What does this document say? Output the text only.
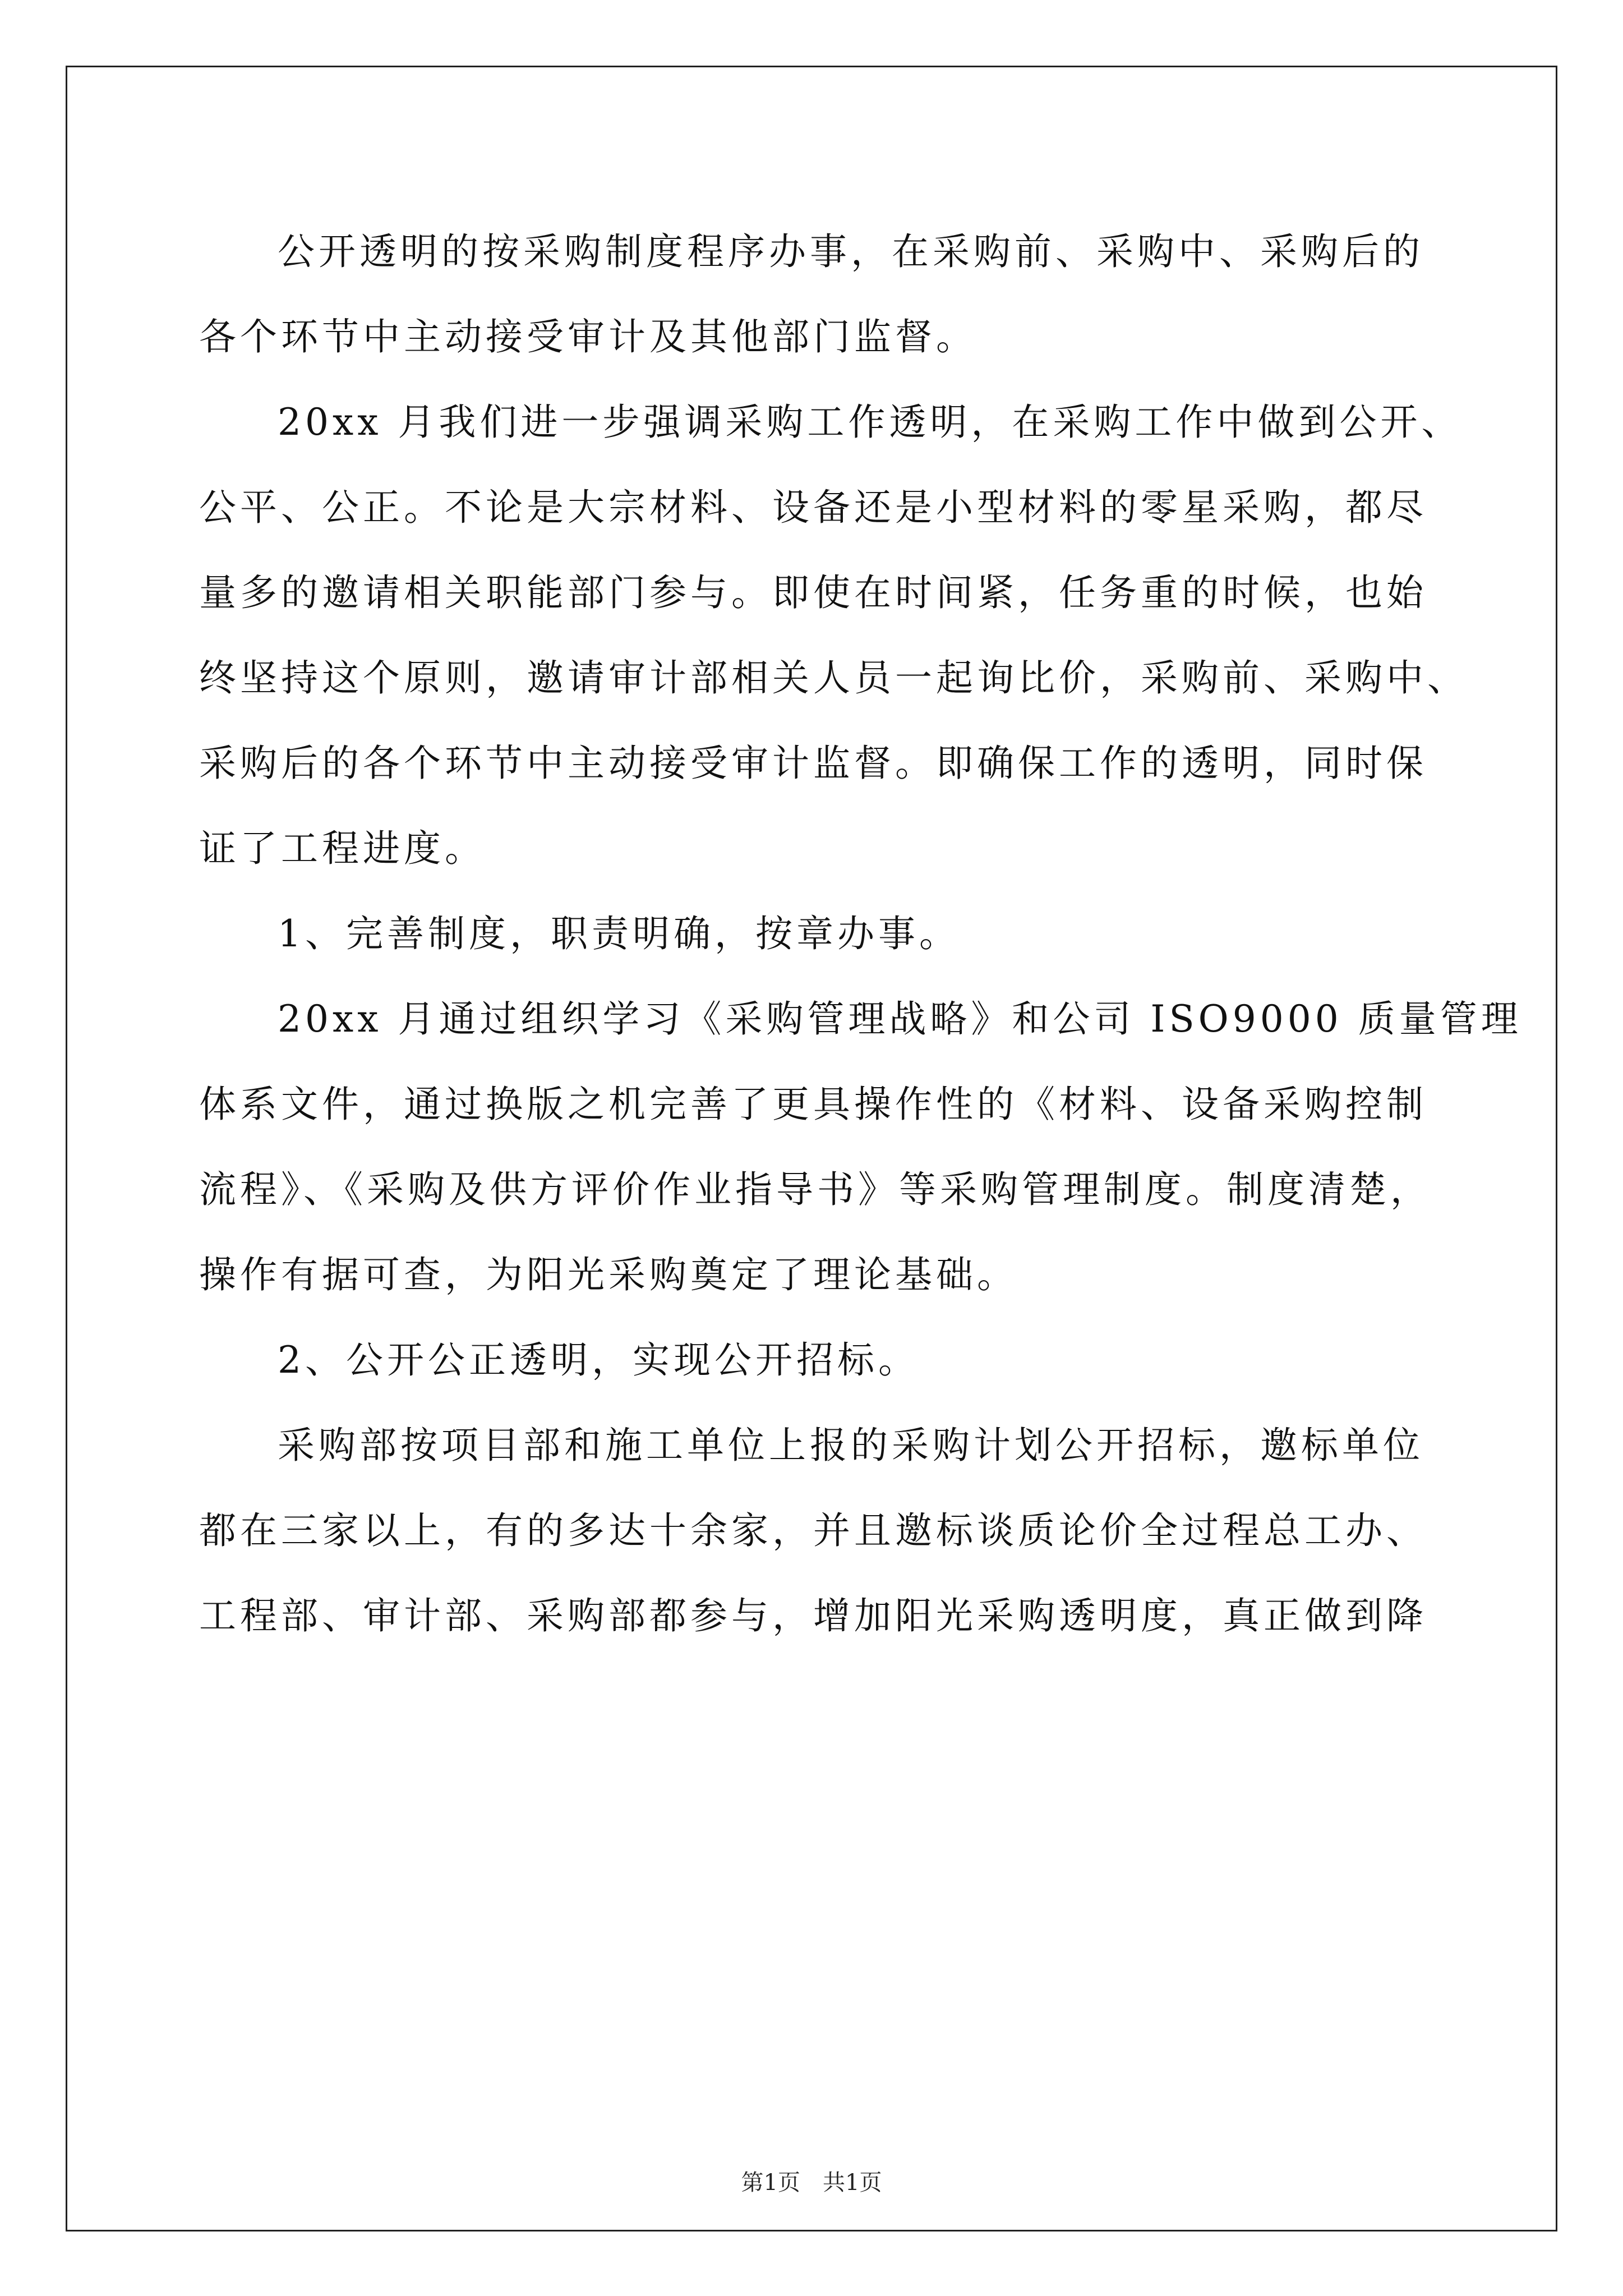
公开透明的按采购制度程序办事，在采购前、采购中、采购后的
各个环节中主动接受审计及其他部门监督。
20xx 月我们进一步强调采购工作透明，在采购工作中做到公开、
公平、公正。不论是大宗材料、设备还是小型材料的零星采购，都尽
量多的邀请相关职能部门参与。即使在时间紧，任务重的时候，也始
终坚持这个原则，邀请审计部相关人员一起询比价，采购前、采购中、
采购后的各个环节中主动接受审计监督。即确保工作的透明，同时保
证了工程进度。
1、完善制度，职责明确，按章办事。
20xx 月通过组织学习《采购管理战略》和公司 ISO9000 质量管理
体系文件，通过换版之机完善了更具操作性的《材料、设备采购控制
流程》、《采购及供方评价作业指导书》等采购管理制度。制度清楚，
操作有据可查，为阳光采购奠定了理论基础。
2、公开公正透明，实现公开招标。
采购部按项目部和施工单位上报的采购计划公开招标，邀标单位
都在三家以上，有的多达十余家，并且邀标谈质论价全过程总工办、
工程部、审计部、采购部都参与，增加阳光采购透明度，真正做到降
第1页　共1页
